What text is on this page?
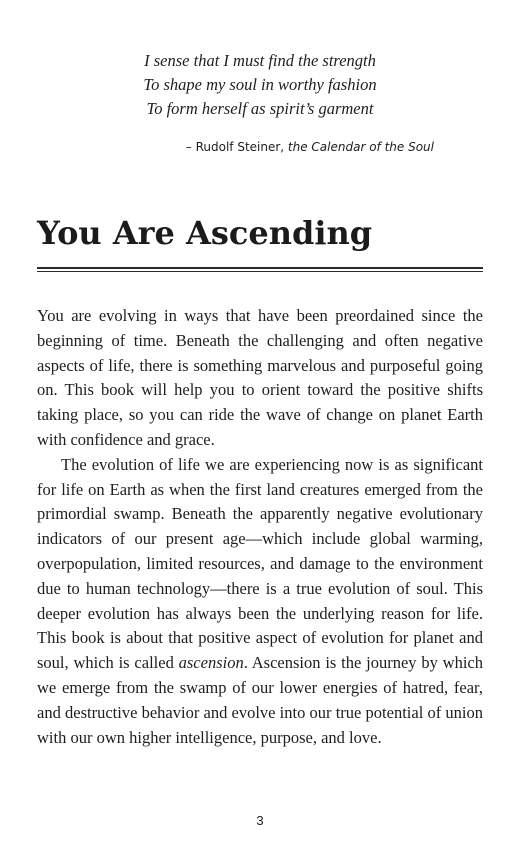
I sense that I must find the strength
To shape my soul in worthy fashion
To form herself as spirit’s garment
– Rudolf Steiner, the Calendar of the Soul
You Are Ascending

You are evolving in ways that have been preordained since the beginning of time. Beneath the challenging and often negative aspects of life, there is something marvelous and purposeful going on. This book will help you to orient toward the positive shifts taking place, so you can ride the wave of change on planet Earth with confidence and grace.

The evolution of life we are experiencing now is as significant for life on Earth as when the first land creatures emerged from the primordial swamp. Beneath the apparently negative evolutionary indicators of our present age—which include global warming, overpopulation, limited resources, and damage to the environment due to human technology—there is a true evolution of soul. This deeper evolution has always been the underlying reason for life. This book is about that positive aspect of evolution for planet and soul, which is called ascension. Ascension is the journey by which we emerge from the swamp of our lower energies of hatred, fear, and destructive behavior and evolve into our true potential of union with our own higher intelligence, purpose, and love.

3
